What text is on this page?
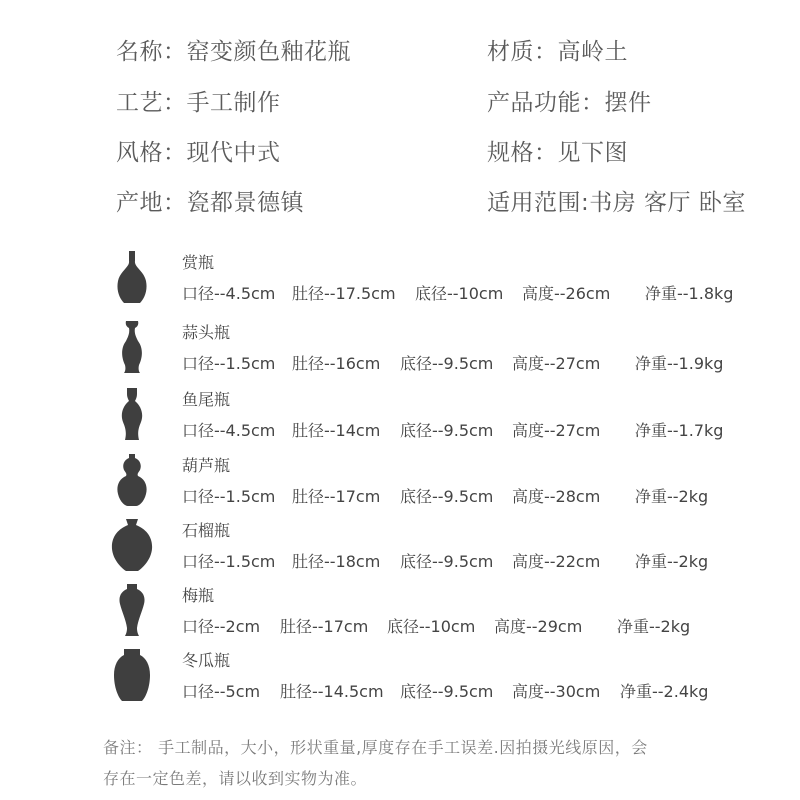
名称：窑变颜色釉花瓶	材质：高岭土
工艺：手工制作	产品功能：摆件
风格：现代中式	规格：见下图
产地：瓷都景德镇	适用范围:书房 客厅 卧室
赏瓶
口径--4.5cm 肚径--17.5cm 底径--10cm 高度--26cm 净重--1.8kg
蒜头瓶
口径--1.5cm 肚径--16cm 底径--9.5cm 高度--27cm 净重--1.9kg
鱼尾瓶
口径--4.5cm 肚径--14cm 底径--9.5cm 高度--27cm 净重--1.7kg
葫芦瓶
口径--1.5cm 肚径--17cm 底径--9.5cm 高度--28cm 净重--2kg
石榴瓶
口径--1.5cm 肚径--18cm 底径--9.5cm 高度--22cm 净重--2kg
梅瓶
口径--2cm 肚径--17cm 底径--10cm 高度--29cm 净重--2kg
冬瓜瓶
口径--5cm 肚径--14.5cm 底径--9.5cm 高度--30cm 净重--2.4kg
备注： 手工制品，大小，形状重量,厚度存在手工误差.因拍摄光线原因，会
存在一定色差，请以收到实物为准。
